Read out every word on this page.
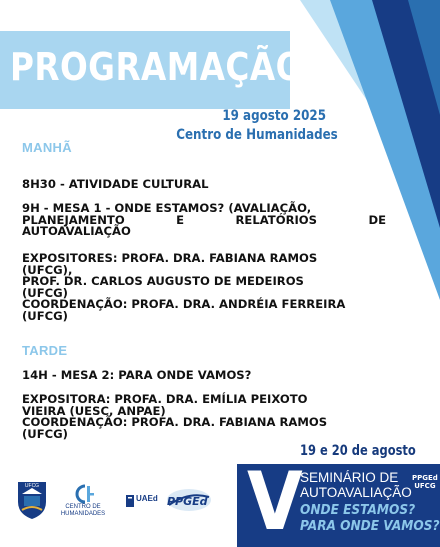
PROGRAMAÇÃO
19 agosto 2025
Centro de Humanidades
MANHÃ
8H30 - ATIVIDADE CULTURAL
9H - MESA 1 - ONDE ESTAMOS? (AVALIAÇÃO,
PLANEJAMENTO E RELATÓRIOS DE
AUTOAVALIAÇÃO
EXPOSITORES: PROFA. DRA. FABIANA RAMOS
(UFCG),
PROF. DR. CARLOS AUGUSTO DE MEDEIROS
(UFCG)
COORDENAÇÃO: PROFA. DRA. ANDRÉIA FERREIRA
(UFCG)
TARDE
14H - MESA 2: PARA ONDE VAMOS?
EXPOSITORA: PROFA. DRA. EMÍLIA PEIXOTO
VIEIRA (UESC, ANPAE)
COORDENAÇÃO: PROFA. DRA. FABIANA RAMOS
(UFCG)
19 e 20 de agosto
V
SEMINÁRIO DE
AUTOAVALIAÇÃO
ONDE ESTAMOS?
PARA ONDE VAMOS?
PPGEd
UFCG
UFCG
CENTRO DE
HUMANIDADES
UAEd PPGEd
